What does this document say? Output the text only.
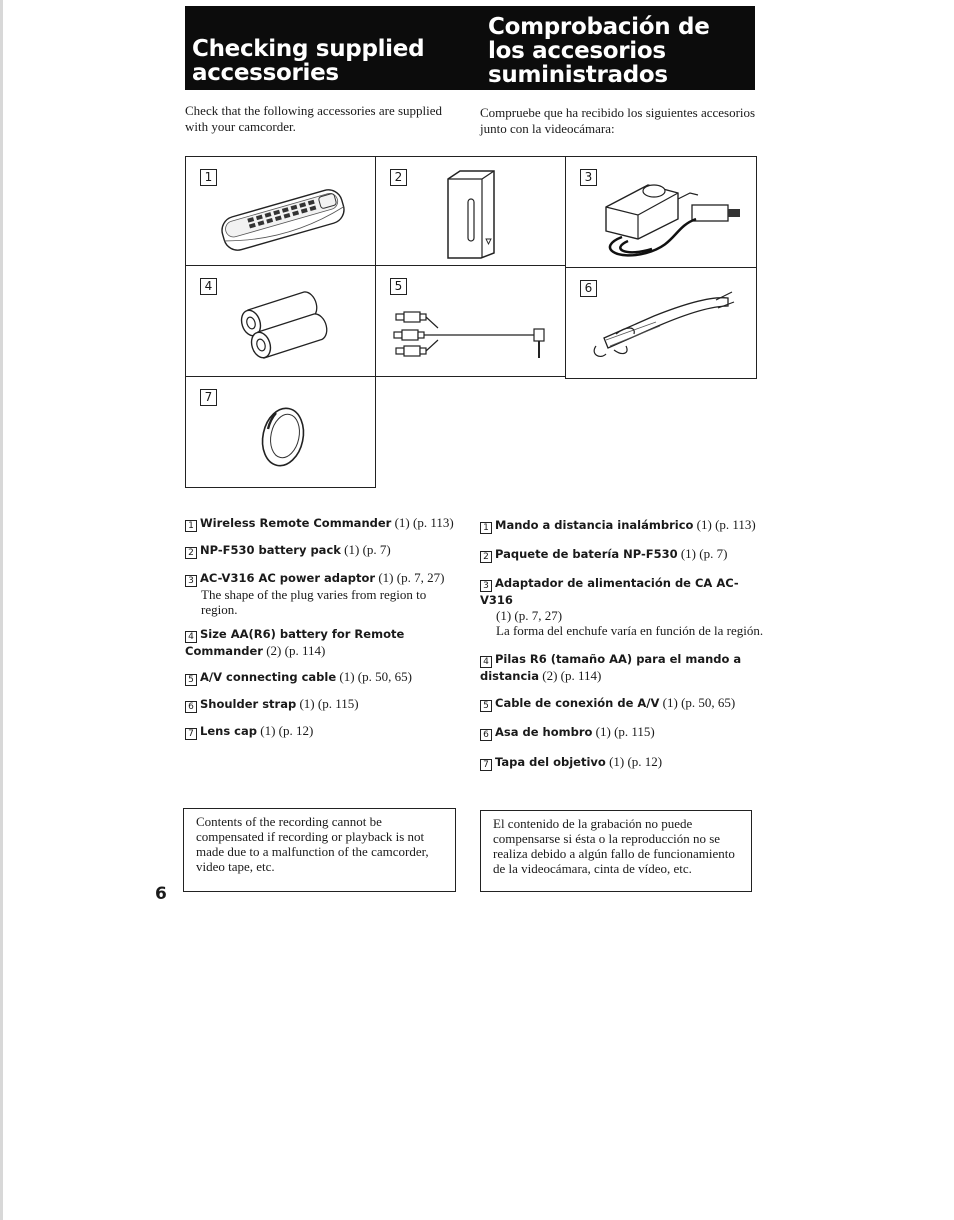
Checking supplied accessories
Comprobación de los accesorios suministrados

Check that the following accessories are supplied with your camcorder.

Compruebe que ha recibido los siguientes accesorios junto con la videocámara:

1	2	3
4	5	6
7
1 Wireless Remote Commander (1) (p. 113)
2 NP-F530 battery pack (1) (p. 7)
3 AC-V316 AC power adaptor (1) (p. 7, 27)
The shape of the plug varies from region to region.
4 Size AA(R6) battery for Remote Commander (2) (p. 114)
5 A/V connecting cable (1) (p. 50, 65)
6 Shoulder strap (1) (p. 115)
7 Lens cap (1) (p. 12)
1 Mando a distancia inalámbrico (1) (p. 113)
2 Paquete de batería NP-F530 (1) (p. 7)
3 Adaptador de alimentación de CA AC-V316
(1) (p. 7, 27)
La forma del enchufe varía en función de la región.
4 Pilas R6 (tamaño AA) para el mando a distancia (2) (p. 114)
5 Cable de conexión de A/V (1) (p. 50, 65)
6 Asa de hombro (1) (p. 115)
7 Tapa del objetivo (1) (p. 12)

Contents of the recording cannot be compensated if recording or playback is not made due to a malfunction of the camcorder, video tape, etc.

El contenido de la grabación no puede compensarse si ésta o la reproducción no se realiza debido a algún fallo de funcionamiento de la videocámara, cinta de vídeo, etc.

6
